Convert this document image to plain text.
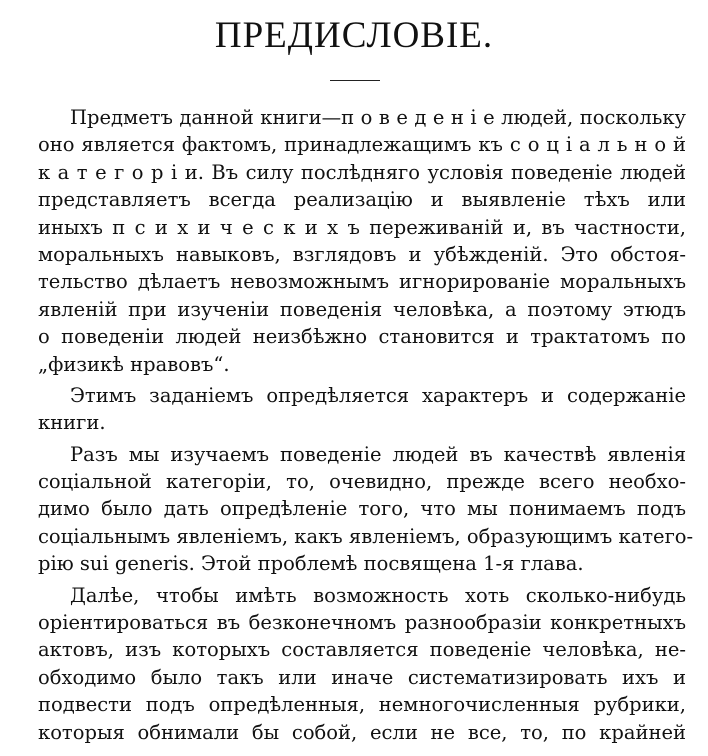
ПРЕДИСЛОВІЕ.
Предметъ данной книги—п о в е д е н і е людей, поскольку
оно является фактомъ, принадлежащимъ къ с о ц і а л ь н о й
к а т е г о р і и. Въ силу послѣдняго условія поведеніе людей
представляетъ всегда реализацію и выявленіе тѣхъ или
иныхъ п с и х и ч е с к и х ъ переживаній и, въ частности,
моральныхъ навыковъ, взглядовъ и убѣжденій. Это обстоя-
тельство дѣлаетъ невозможнымъ игнорированіе моральныхъ
явленій при изученіи поведенія человѣка, а поэтому этюдъ
о поведеніи людей неизбѣжно становится и трактатомъ по
„физикѣ нравовъ“.
Этимъ заданіемъ опредѣляется характеръ и содержаніе
книги.
Разъ мы изучаемъ поведеніе людей въ качествѣ явленія
соціальной категоріи, то, очевидно, прежде всего необхо-
димо было дать опредѣленіе того, что мы понимаемъ подъ
соціальнымъ явленіемъ, какъ явленіемъ, образующимъ катего-
рію sui generis. Этой проблемѣ посвящена 1-я глава.
Далѣе, чтобы имѣть возможность хоть сколько-нибудь
оріентироваться въ безконечномъ разнообразіи конкретныхъ
актовъ, изъ которыхъ составляется поведеніе человѣка, не-
обходимо было такъ или иначе систематизировать ихъ и
подвести подъ опредѣленныя, немногочисленныя рубрики,
которыя обнимали бы собой, если не все, то, по крайней
